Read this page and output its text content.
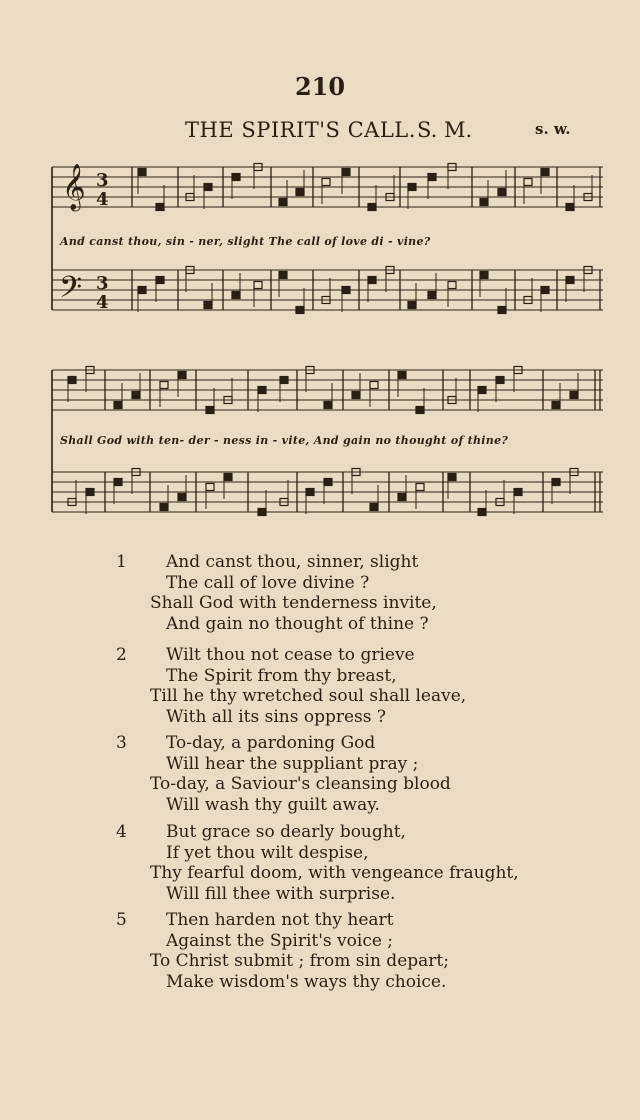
210
THE SPIRIT'S CALL. S. M.	s. w.
𝄞
𝄢
3
4
3
4
And canst thou, sin - ner, slight The call of love di - vine?
Shall God with ten- der - ness in - vite, And gain no thought of thine?
1 And canst thou, sinner, slight
The call of love divine ?
Shall God with tenderness invite,
And gain no thought of thine ?
2 Wilt thou not cease to grieve
The Spirit from thy breast,
Till he thy wretched soul shall leave,
With all its sins oppress ?
3 To-day, a pardoning God
Will hear the suppliant pray ;
To-day, a Saviour's cleansing blood
Will wash thy guilt away.
4 But grace so dearly bought,
If yet thou wilt despise,
Thy fearful doom, with vengeance fraught,
Will fill thee with surprise.
5 Then harden not thy heart
Against the Spirit's voice ;
To Christ submit ; from sin depart;
Make wisdom's ways thy choice.
